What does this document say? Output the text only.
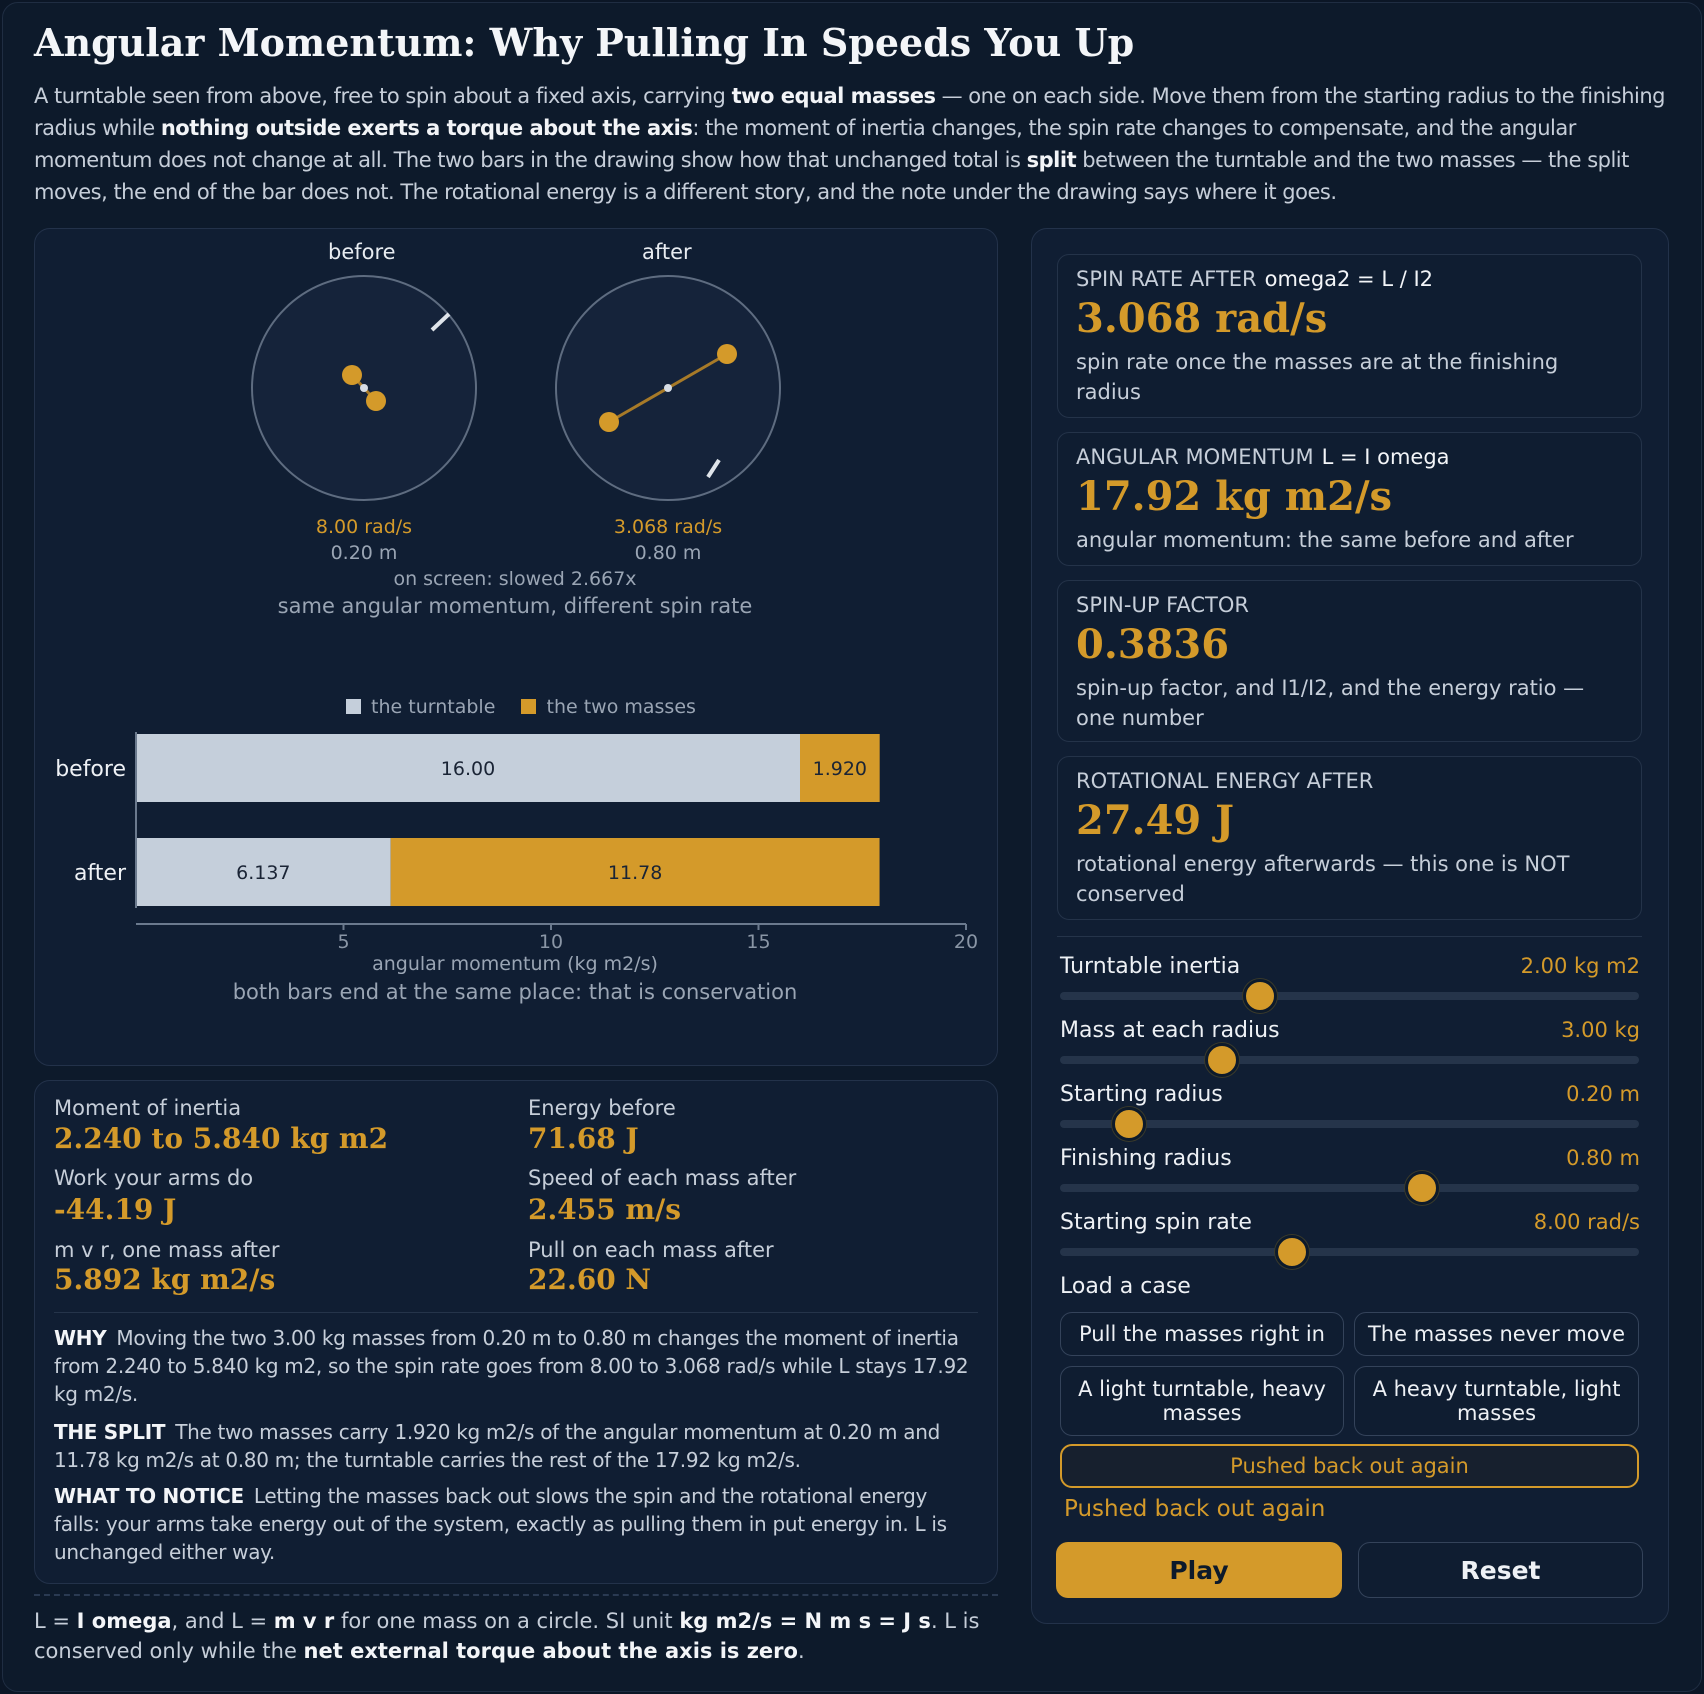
Angular Momentum: Why Pulling In Speeds You Up
A turntable seen from above, free to spin about a fixed axis, carrying two equal masses — one on each side. Move them from the starting radius to the finishing radius while nothing outside exerts a torque about the axis: the moment of inertia changes, the spin rate changes to compensate, and the angular momentum does not change at all. The two bars in the drawing show how that unchanged total is split between the turntable and the two masses — the split moves, the end of the bar does not. The rotational energy is a different story, and the note under the drawing says where it goes.
before	after
8.00 rad/s
0.20 m
3.068 rad/s
0.80 m
on screen: slowed 2.667x
same angular momentum, different spin rate
the turntable	the two masses
before	16.00	1.920
after	6.137	11.78
5	10	15	20
angular momentum (kg m2/s)
both bars end at the same place: that is conservation
Moment of inertia
2.240 to 5.840 kg m2
Energy before
71.68 J
Work your arms do
-44.19 J
Speed of each mass after
2.455 m/s
m v r, one mass after
5.892 kg m2/s
Pull on each mass after
22.60 N
WHY Moving the two 3.00 kg masses from 0.20 m to 0.80 m changes the moment of inertia from 2.240 to 5.840 kg m2, so the spin rate goes from 8.00 to 3.068 rad/s while L stays 17.92 kg m2/s.
THE SPLIT The two masses carry 1.920 kg m2/s of the angular momentum at 0.20 m and 11.78 kg m2/s at 0.80 m; the turntable carries the rest of the 17.92 kg m2/s.
WHAT TO NOTICE Letting the masses back out slows the spin and the rotational energy falls: your arms take energy out of the system, exactly as pulling them in put energy in. L is unchanged either way.
L = I omega, and L = m v r for one mass on a circle. SI unit kg m2/s = N m s = J s. L is conserved only while the net external torque about the axis is zero.
SPIN RATE AFTER omega2 = L / I2
3.068 rad/s
spin rate once the masses are at the finishing radius
ANGULAR MOMENTUM L = I omega
17.92 kg m2/s
angular momentum: the same before and after
SPIN-UP FACTOR
0.3836
spin-up factor, and I1/I2, and the energy ratio — one number
ROTATIONAL ENERGY AFTER
27.49 J
rotational energy afterwards — this one is NOT conserved
Turntable inertia	2.00 kg m2
Mass at each radius	3.00 kg
Starting radius	0.20 m
Finishing radius	0.80 m
Starting spin rate	8.00 rad/s
Load a case
Pull the masses right in	The masses never move
A light turntable, heavy masses
A heavy turntable, light masses
Pushed back out again
Pushed back out again
Play	Reset
